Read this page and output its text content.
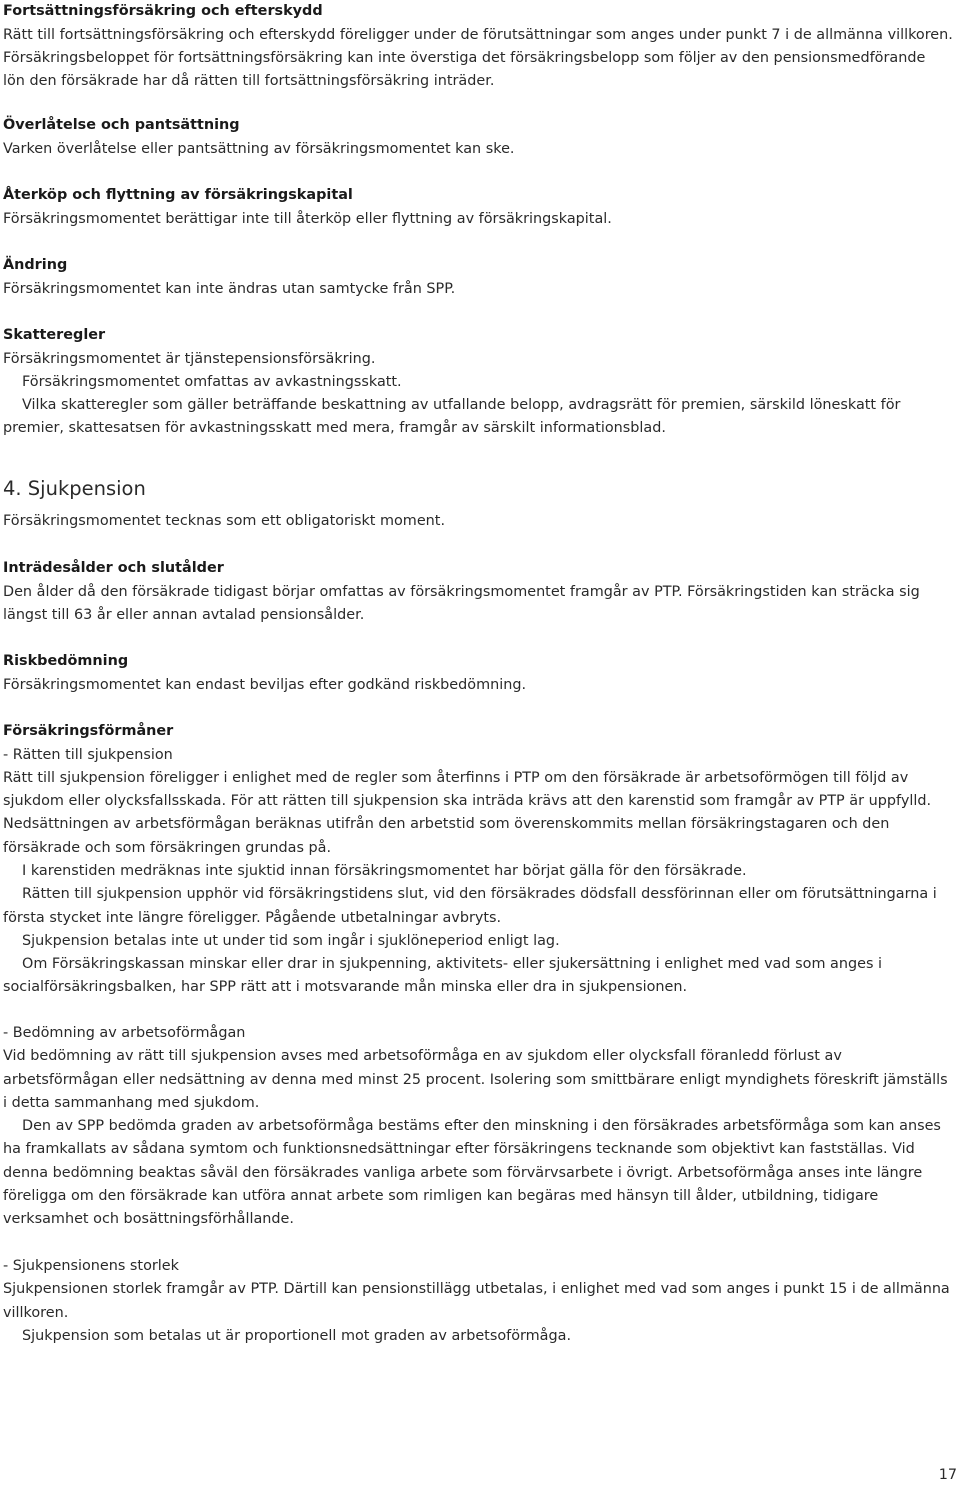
Fortsättningsförsäkring och efterskydd

Rätt till fortsättningsförsäkring och efterskydd föreligger under de förutsättningar som anges under punkt 7 i de allmänna villkoren.

Försäkringsbeloppet för fortsättningsförsäkring kan inte överstiga det försäkringsbelopp som följer av den pensionsmedförande lön den försäkrade har då rätten till fortsättningsförsäkring inträder.

Överlåtelse och pantsättning

Varken överlåtelse eller pantsättning av försäkringsmomentet kan ske.

Återköp och flyttning av försäkringskapital

Försäkringsmomentet berättigar inte till återköp eller flyttning av försäkringskapital.

Ändring

Försäkringsmomentet kan inte ändras utan samtycke från SPP.

Skatteregler

Försäkringsmomentet är tjänstepensionsförsäkring.

Försäkringsmomentet omfattas av avkastningsskatt.

Vilka skatteregler som gäller beträffande beskattning av utfallande belopp, avdragsrätt för premien, särskild löneskatt för premier, skattesatsen för avkastningsskatt med mera, framgår av särskilt informationsblad.

4. Sjukpension

Försäkringsmomentet tecknas som ett obligatoriskt moment.

Inträdesålder och slutålder

Den ålder då den försäkrade tidigast börjar omfattas av försäkringsmomentet framgår av PTP. Försäkringstiden kan sträcka sig längst till 63 år eller annan avtalad pensionsålder.

Riskbedömning

Försäkringsmomentet kan endast beviljas efter godkänd riskbedömning.

Försäkringsförmåner

- Rätten till sjukpension

Rätt till sjukpension föreligger i enlighet med de regler som återfinns i PTP om den försäkrade är arbetsoförmögen till följd av sjukdom eller olycksfallsskada. För att rätten till sjukpension ska inträda krävs att den karenstid som framgår av PTP är uppfylld. Nedsättningen av arbetsförmågan beräknas utifrån den arbetstid som överenskommits mellan försäkringstagaren och den försäkrade och som försäkringen grundas på.

I karenstiden medräknas inte sjuktid innan försäkringsmomentet har börjat gälla för den försäkrade.

Rätten till sjukpension upphör vid försäkringstidens slut, vid den försäkrades dödsfall dessförinnan eller om förutsättningarna i första stycket inte längre föreligger. Pågående utbetalningar avbryts.

Sjukpension betalas inte ut under tid som ingår i sjuklöneperiod enligt lag.

Om Försäkringskassan minskar eller drar in sjukpenning, aktivitets- eller sjukersättning i enlighet med vad som anges i socialförsäkringsbalken, har SPP rätt att i motsvarande mån minska eller dra in sjukpensionen.

- Bedömning av arbetsoförmågan

Vid bedömning av rätt till sjukpension avses med arbetsoförmåga en av sjukdom eller olycksfall föranledd förlust av arbetsförmågan eller nedsättning av denna med minst 25 procent. Isolering som smittbärare enligt myndighets föreskrift jämställs i detta sammanhang med sjukdom.

Den av SPP bedömda graden av arbetsoförmåga bestäms efter den minskning i den försäkrades arbetsförmåga som kan anses ha framkallats av sådana symtom och funktionsnedsättningar efter försäkringens tecknande som objektivt kan fastställas. Vid denna bedömning beaktas såväl den försäkrades vanliga arbete som förvärvsarbete i övrigt. Arbetsoförmåga anses inte längre föreligga om den försäkrade kan utföra annat arbete som rimligen kan begäras med hänsyn till ålder, utbildning, tidigare verksamhet och bosättningsförhållande.

- Sjukpensionens storlek

Sjukpensionen storlek framgår av PTP. Därtill kan pensionstillägg utbetalas, i enlighet med vad som anges i punkt 15 i de allmänna villkoren.

Sjukpension som betalas ut är proportionell mot graden av arbetsoförmåga.

17
